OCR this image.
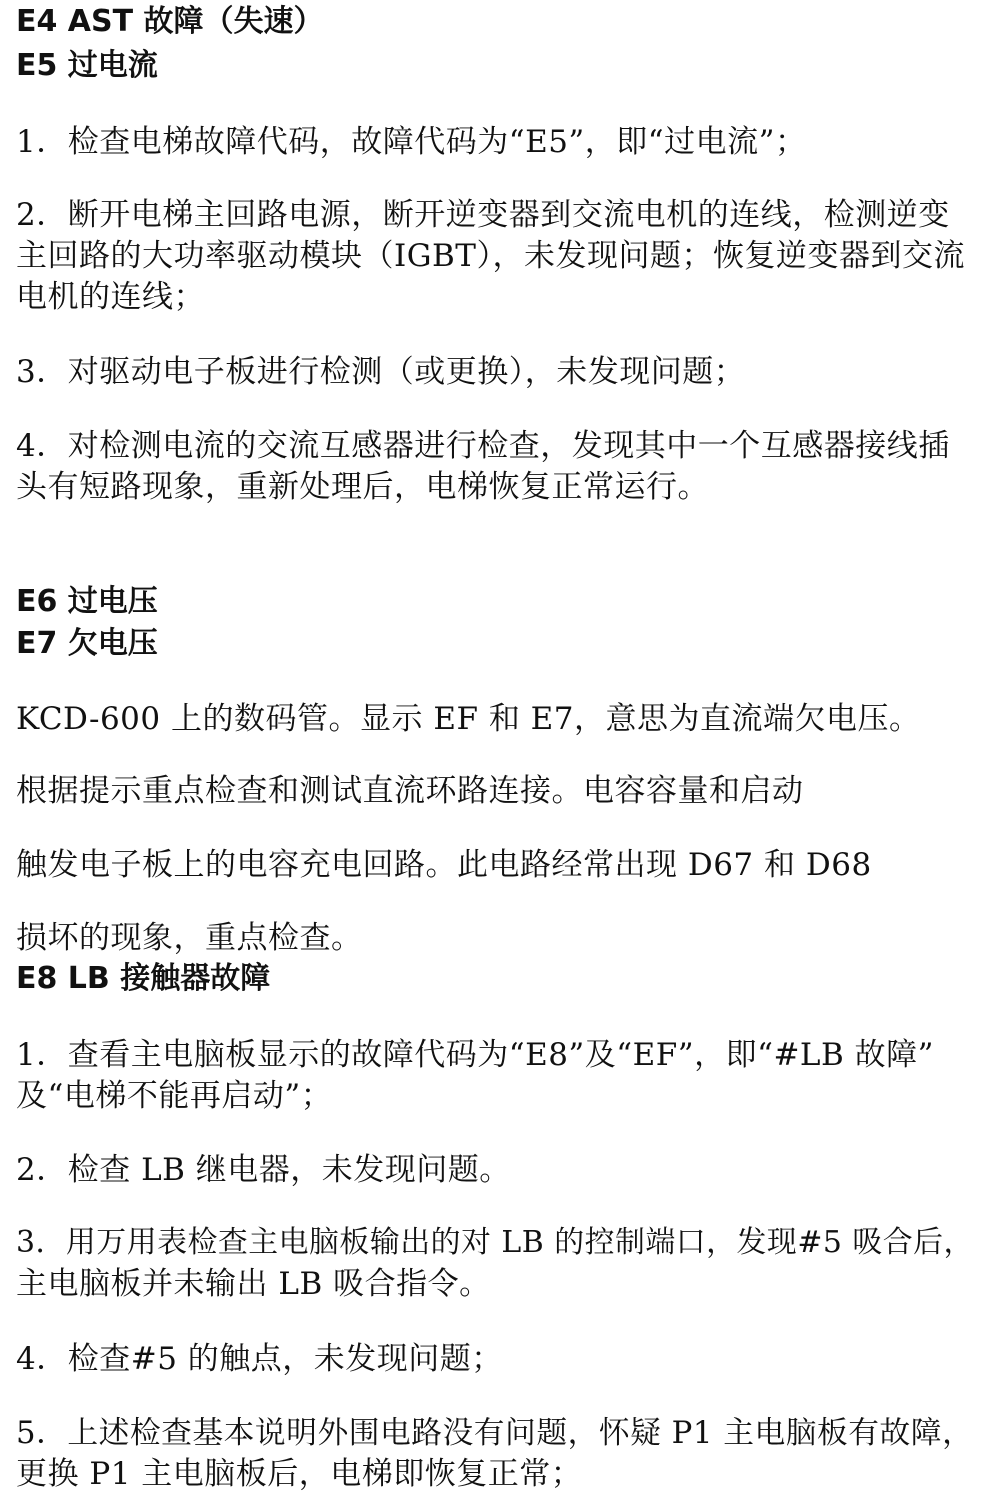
E4 AST 故障（失速）
E5 过电流
1．检查电梯故障代码，故障代码为“E5”，即“过电流”；
2．断开电梯主回路电源，断开逆变器到交流电机的连线，检测逆变
主回路的大功率驱动模块（IGBT），未发现问题；恢复逆变器到交流
电机的连线；
3．对驱动电子板进行检测（或更换），未发现问题；
4．对检测电流的交流互感器进行检查，发现其中一个互感器接线插
头有短路现象，重新处理后，电梯恢复正常运行。
E6 过电压
E7 欠电压
KCD-600 上的数码管。显示 EF 和 E7，意思为直流端欠电压。
根据提示重点检查和测试直流环路连接。电容容量和启动
触发电子板上的电容充电回路。此电路经常出现 D67 和 D68
损坏的现象，重点检查。
E8 LB 接触器故障
1．查看主电脑板显示的故障代码为“E8”及“EF”，即“#LB 故障”
及“电梯不能再启动”；
2．检查 LB 继电器，未发现问题。
3．用万用表检查主电脑板输出的对 LB 的控制端口，发现#5 吸合后，
主电脑板并未输出 LB 吸合指令。
4．检查#5 的触点，未发现问题；
5．上述检查基本说明外围电路没有问题，怀疑 P1 主电脑板有故障，
更换 P1 主电脑板后，电梯即恢复正常；
